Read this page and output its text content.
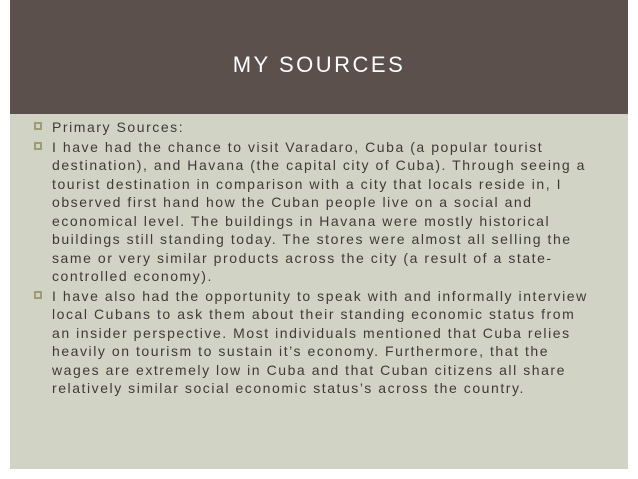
MY SOURCES
Primary Sources:
I have had the chance to visit Varadaro, Cuba (a popular tourist destination), and Havana (the capital city of Cuba). Through seeing a tourist destination in comparison with a city that locals reside in, I observed first hand how the Cuban people live on a social and economical level. The buildings in Havana were mostly historical buildings still standing today. The stores were almost all selling the same or very similar products across the city (a result of a state-controlled economy).
I have also had the opportunity to speak with and informally interview local Cubans to ask them about their standing economic status from an insider perspective. Most individuals mentioned that Cuba relies heavily on tourism to sustain it’s economy. Furthermore, that the wages are extremely low in Cuba and that Cuban citizens all share relatively similar social economic status’s across the country.
